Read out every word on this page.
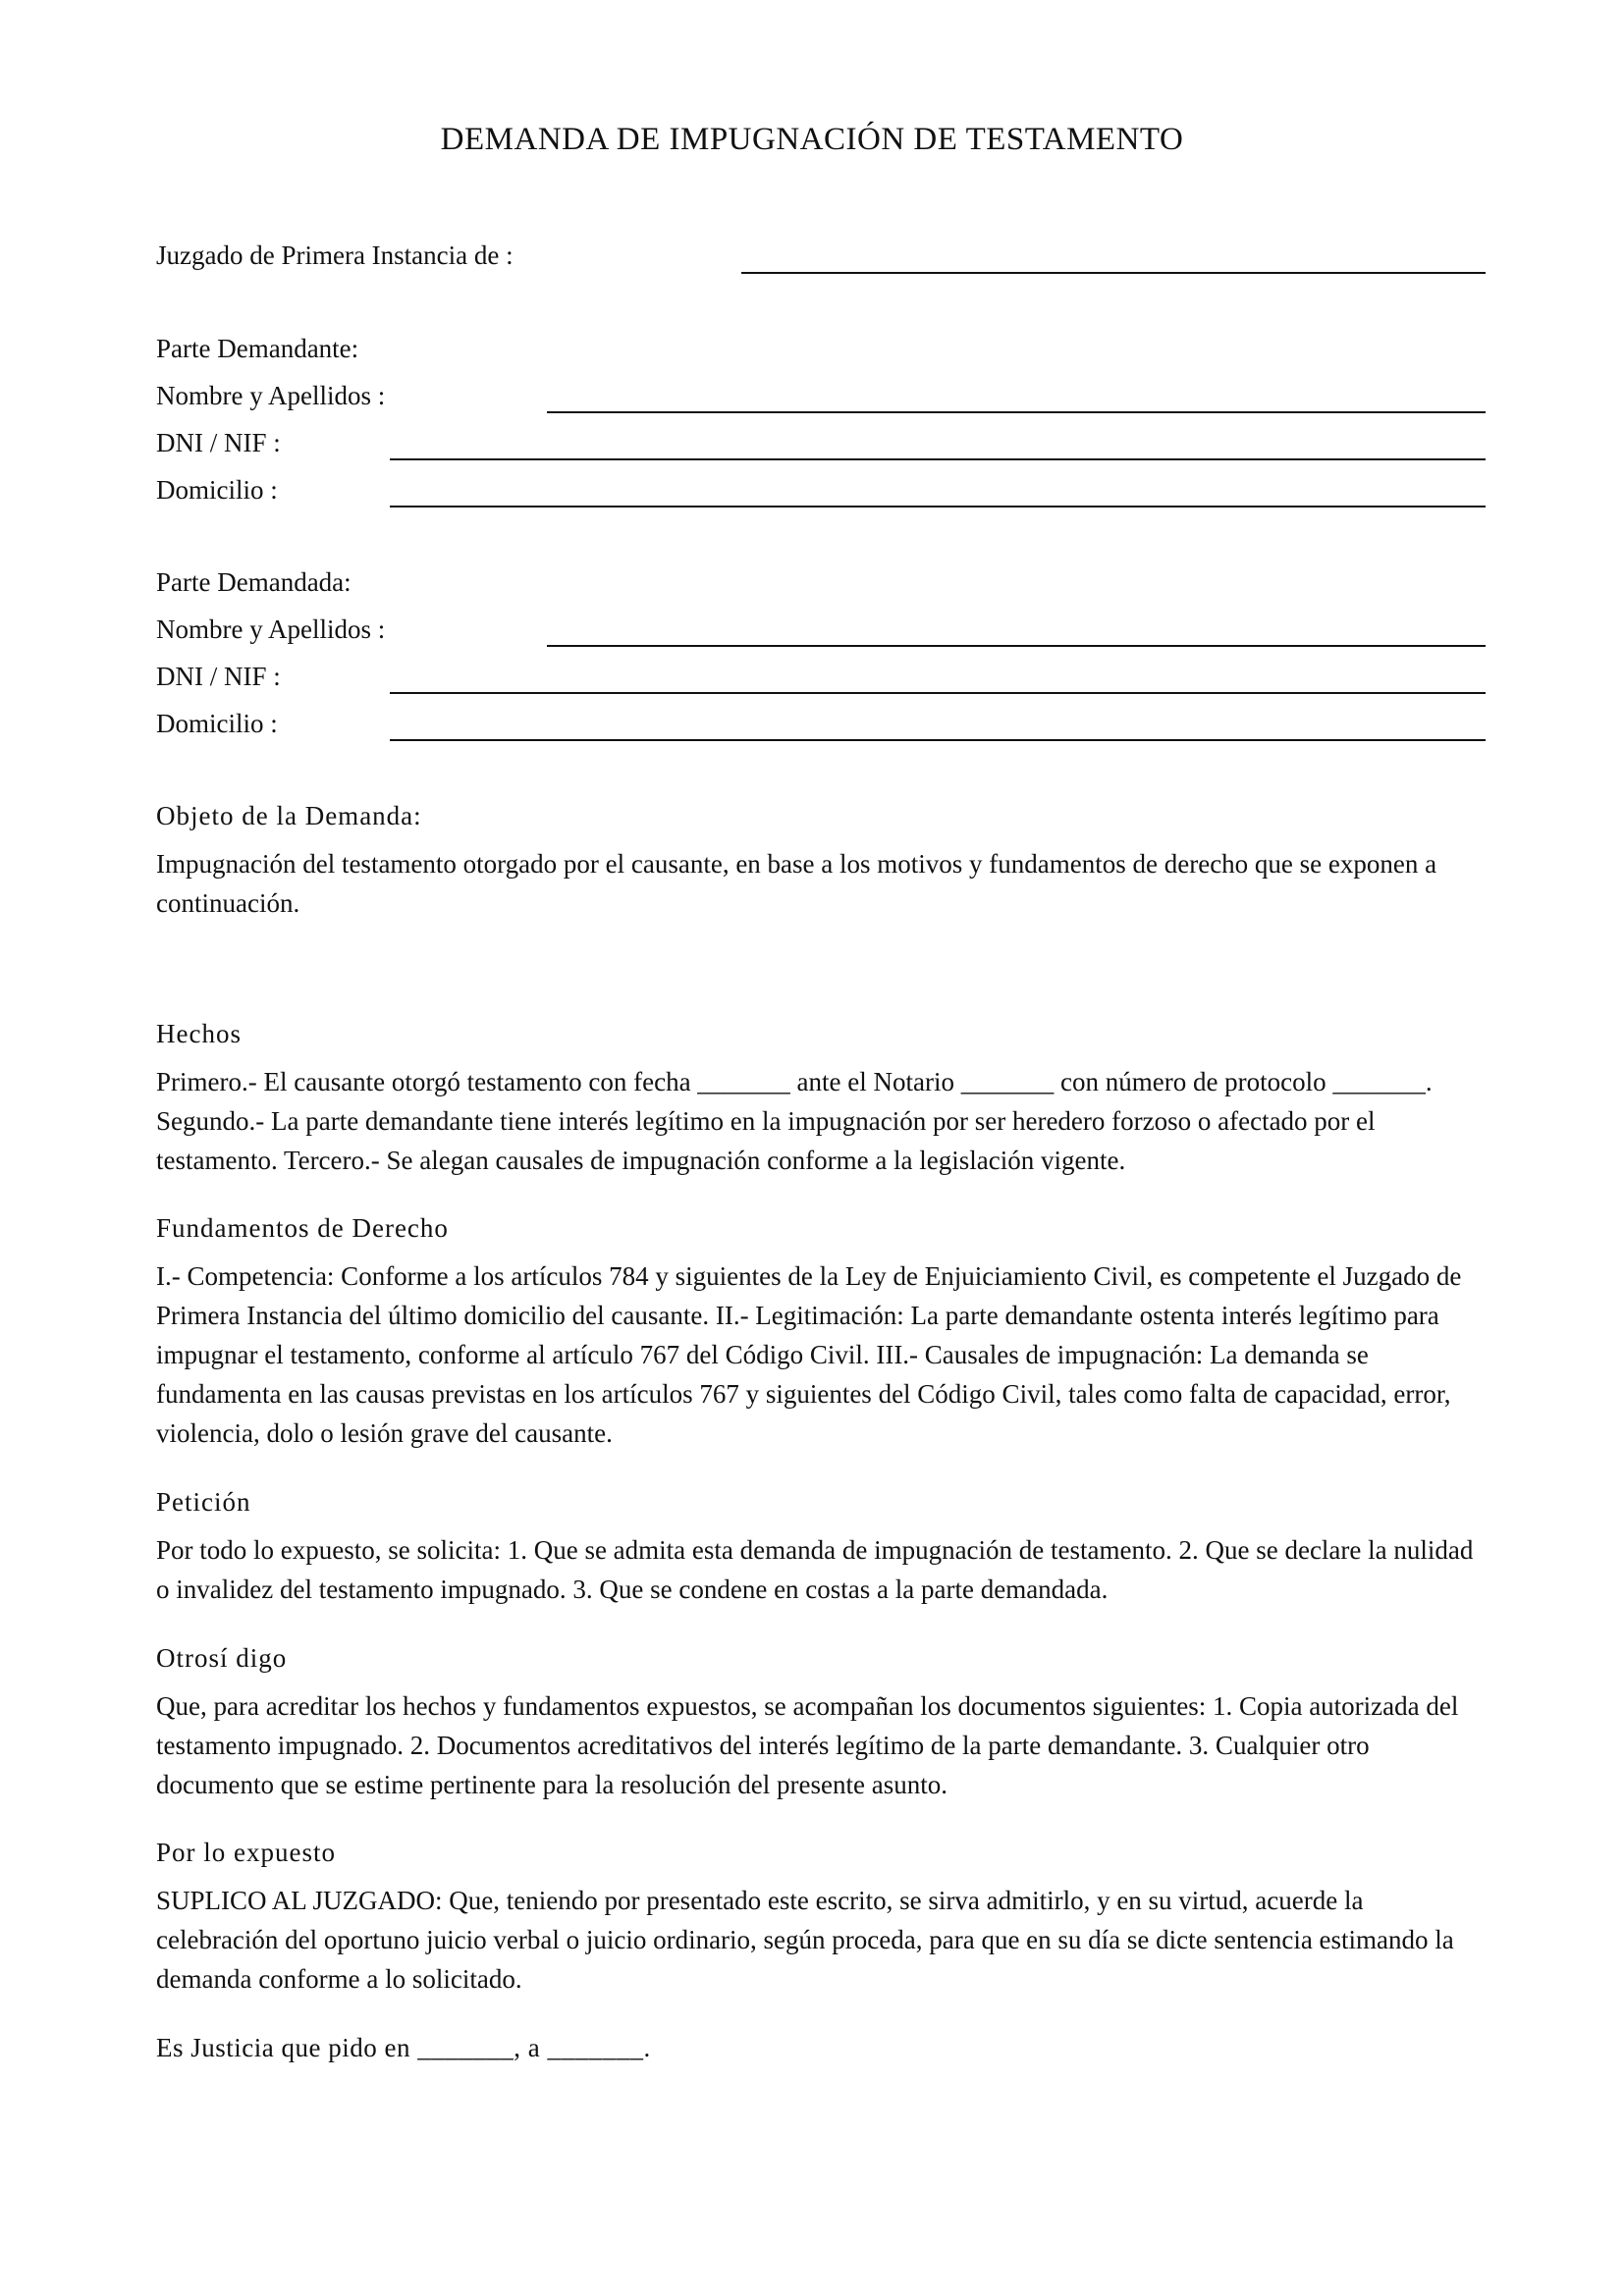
DEMANDA DE IMPUGNACIÓN DE TESTAMENTO
Juzgado de Primera Instancia de :
Parte Demandante:
Nombre y Apellidos :
DNI / NIF :
Domicilio :
Parte Demandada:
Nombre y Apellidos :
DNI / NIF :
Domicilio :
Objeto de la Demanda:
Impugnación del testamento otorgado por el causante, en base a los motivos y fundamentos de derecho que se exponen a continuación.
Hechos
Primero.- El causante otorgó testamento con fecha _______ ante el Notario _______ con número de protocolo _______. Segundo.- La parte demandante tiene interés legítimo en la impugnación por ser heredero forzoso o afectado por el testamento. Tercero.- Se alegan causales de impugnación conforme a la legislación vigente.
Fundamentos de Derecho
I.- Competencia: Conforme a los artículos 784 y siguientes de la Ley de Enjuiciamiento Civil, es competente el Juzgado de Primera Instancia del último domicilio del causante. II.- Legitimación: La parte demandante ostenta interés legítimo para impugnar el testamento, conforme al artículo 767 del Código Civil. III.- Causales de impugnación: La demanda se fundamenta en las causas previstas en los artículos 767 y siguientes del Código Civil, tales como falta de capacidad, error, violencia, dolo o lesión grave del causante.
Petición
Por todo lo expuesto, se solicita: 1. Que se admita esta demanda de impugnación de testamento. 2. Que se declare la nulidad o invalidez del testamento impugnado. 3. Que se condene en costas a la parte demandada.
Otrosí digo
Que, para acreditar los hechos y fundamentos expuestos, se acompañan los documentos siguientes: 1. Copia autorizada del testamento impugnado. 2. Documentos acreditativos del interés legítimo de la parte demandante. 3. Cualquier otro documento que se estime pertinente para la resolución del presente asunto.
Por lo expuesto
SUPLICO AL JUZGADO: Que, teniendo por presentado este escrito, se sirva admitirlo, y en su virtud, acuerde la celebración del oportuno juicio verbal o juicio ordinario, según proceda, para que en su día se dicte sentencia estimando la demanda conforme a lo solicitado.
Es Justicia que pido en _______, a _______.
